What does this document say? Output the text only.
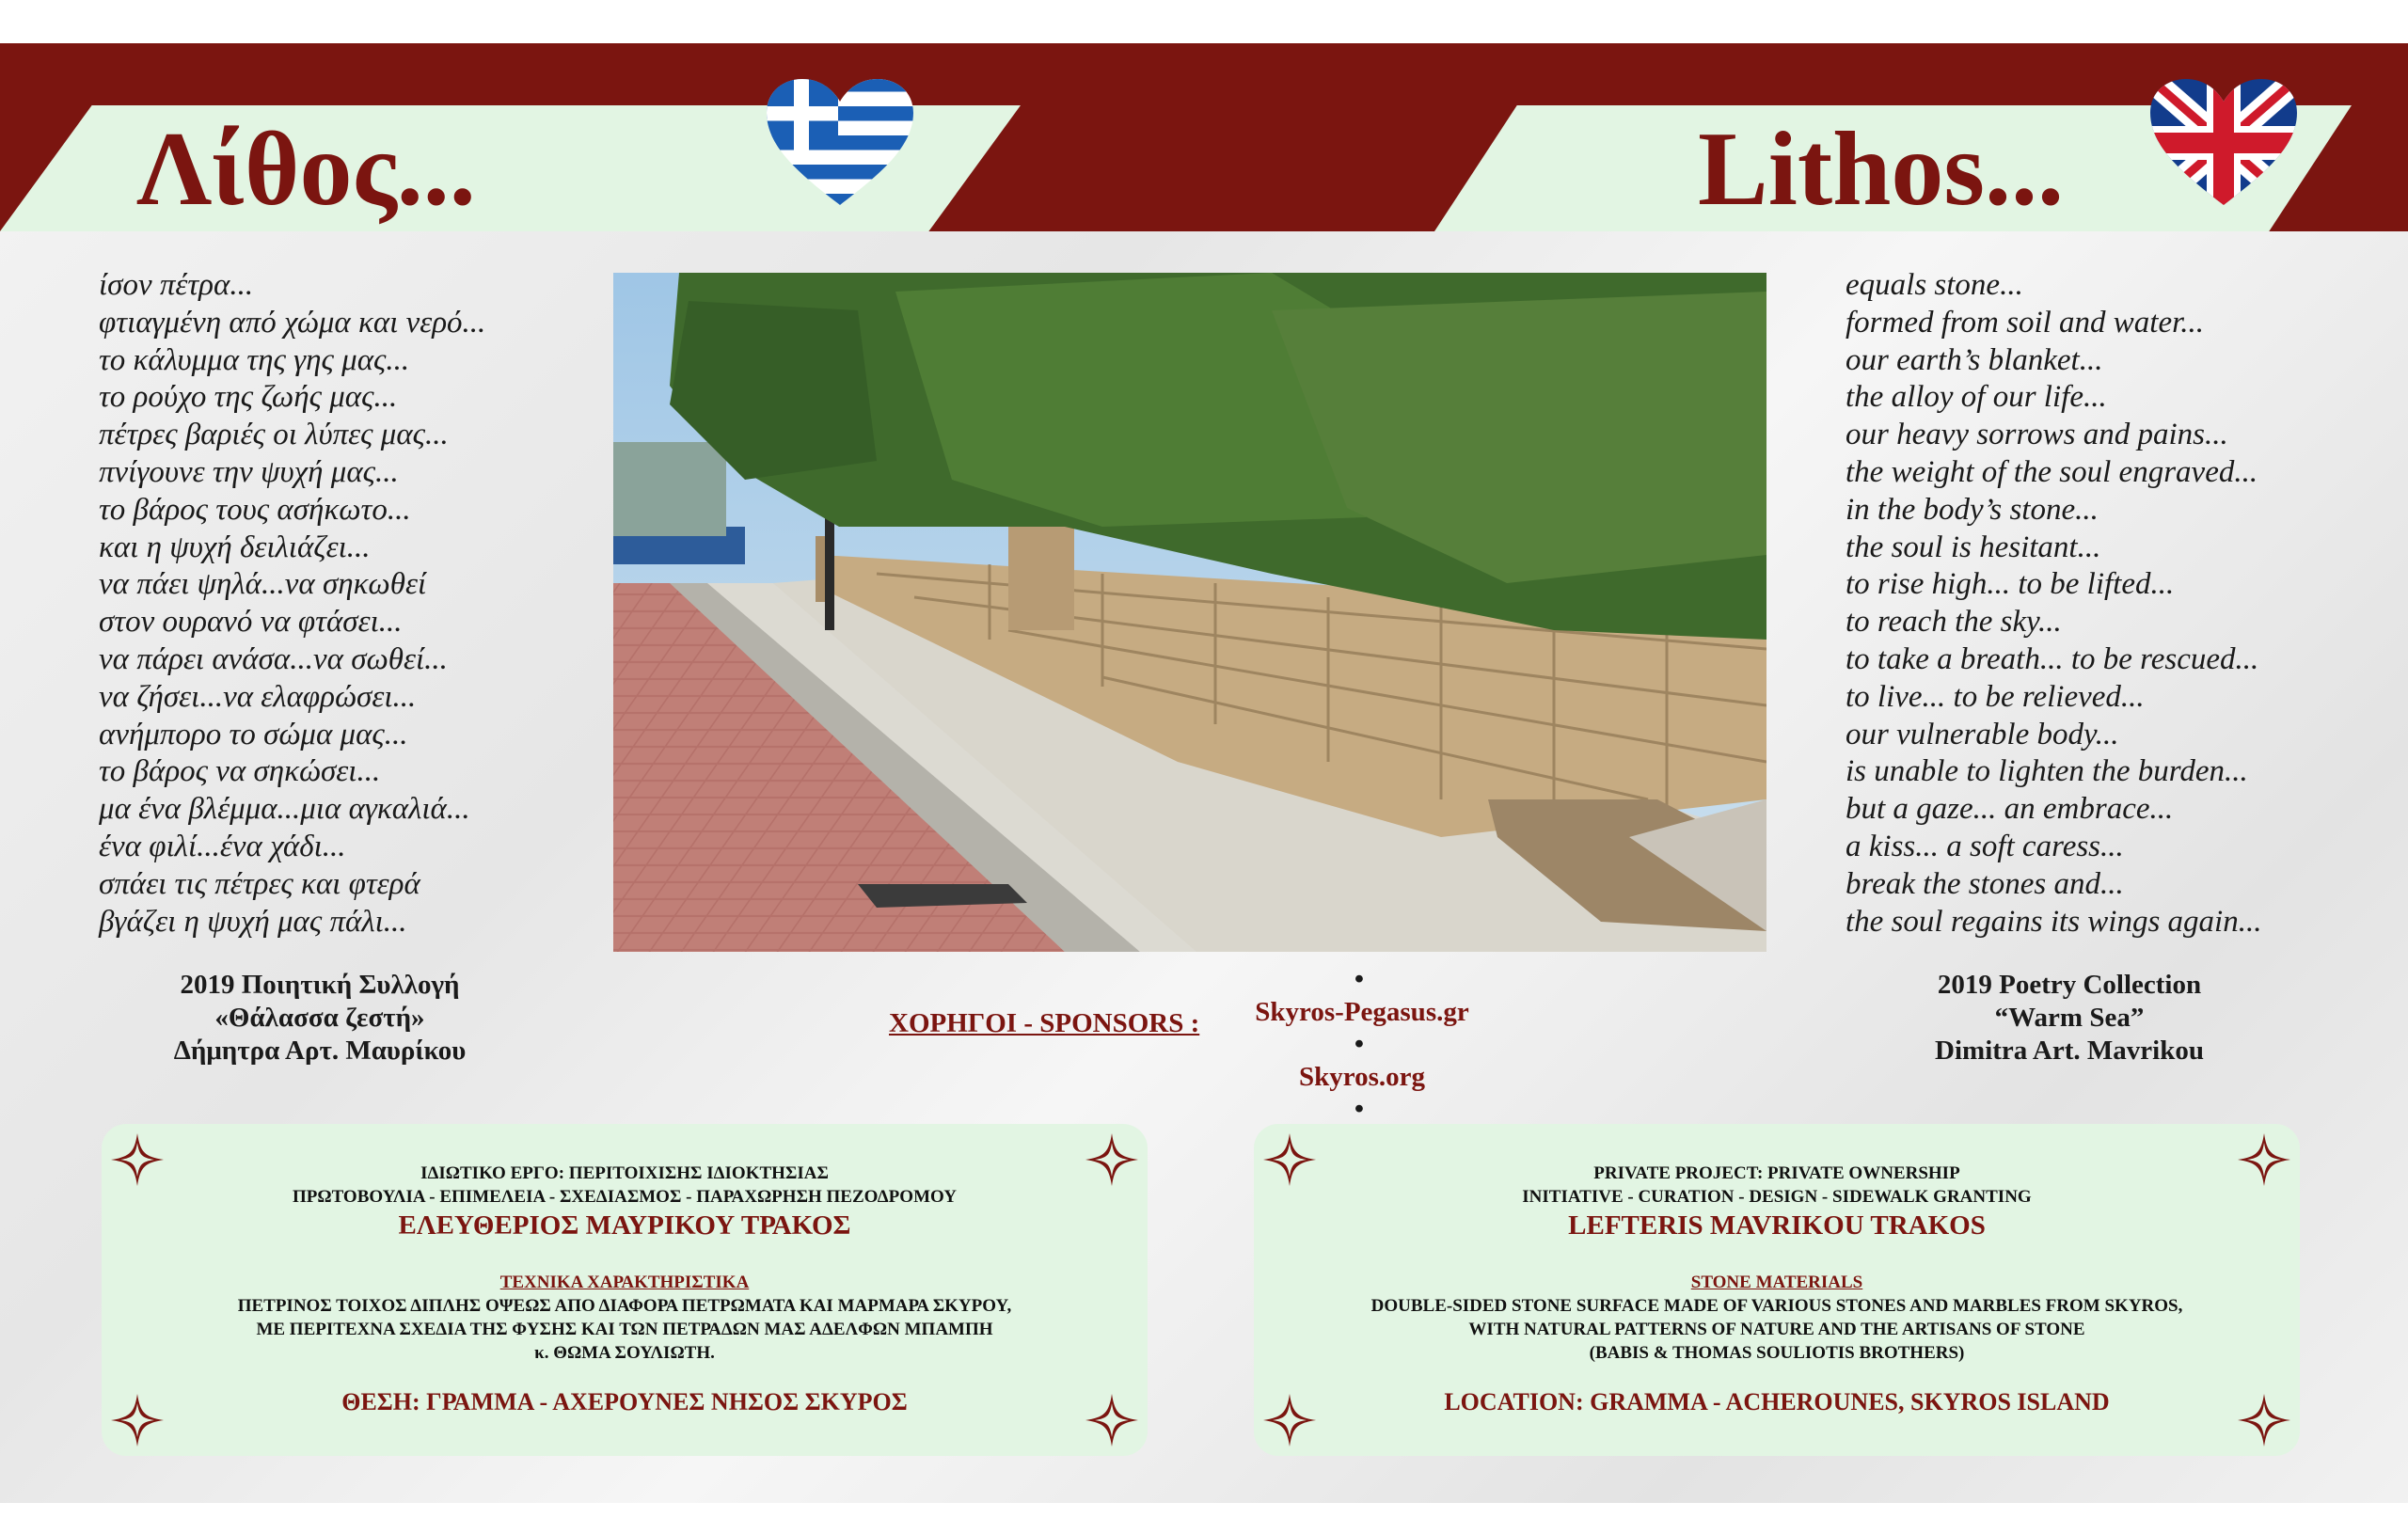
Λίθος...	Lithos...
ίσον πέτρα...
φτιαγμένη από χώμα και νερό...
το κάλυμμα της γης μας...
το ρούχο της ζωής μας...
πέτρες βαριές οι λύπες μας...
πνίγουνε την ψυχή μας...
το βάρος τους ασήκωτο...
και η ψυχή δειλιάζει...
να πάει ψηλά...να σηκωθεί
στον ουρανό να φτάσει...
να πάρει ανάσα...να σωθεί...
να ζήσει...να ελαφρώσει...
ανήμπορο το σώμα μας...
το βάρος να σηκώσει...
μα ένα βλέμμα...μια αγκαλιά...
ένα φιλί...ένα χάδι...
σπάει τις πέτρες και φτερά
βγάζει η ψυχή μας πάλι...
equals stone...
formed from soil and water...
our earth’s blanket...
the alloy of our life...
our heavy sorrows and pains...
the weight of the soul engraved...
in the body’s stone...
the soul is hesitant...
to rise high... to be lifted...
to reach the sky...
to take a breath... to be rescued...
to live... to be relieved...
our vulnerable body...
is unable to lighten the burden...
but a gaze... an embrace...
a kiss... a soft caress...
break the stones and...
the soul regains its wings again...
2019 Ποιητική Συλλογή
«Θάλασσα ζεστή»
Δήμητρα Αρτ. Μαυρίκου
2019 Poetry Collection
“Warm Sea”
Dimitra Art. Mavrikou
ΧΟΡΗΓΟΙ - SPONSORS :
•
Skyros-Pegasus.gr
•
Skyros.org
•
ΙΔΙΩΤΙΚΟ ΕΡΓΟ: ΠΕΡΙΤΟΙΧΙΣΗΣ ΙΔΙΟΚΤΗΣΙΑΣ
ΠΡΩΤΟΒΟΥΛΙΑ - ΕΠΙΜΕΛΕΙΑ - ΣΧΕΔΙΑΣΜΟΣ - ΠΑΡΑΧΩΡΗΣΗ ΠΕΖΟΔΡΟΜΟΥ
ΕΛΕΥΘΕΡΙΟΣ ΜΑΥΡΙΚΟΥ ΤΡΑΚΟΣ
ΤΕΧΝΙΚΑ ΧΑΡΑΚΤΗΡΙΣΤΙΚΑ
ΠΕΤΡΙΝΟΣ ΤΟΙΧΟΣ ΔΙΠΛΗΣ ΟΨΕΩΣ ΑΠΟ ΔΙΑΦΟΡΑ ΠΕΤΡΩΜΑΤΑ ΚΑΙ ΜΑΡΜΑΡΑ ΣΚΥΡΟΥ,
ΜΕ ΠΕΡΙΤΕΧΝΑ ΣΧΕΔΙΑ ΤΗΣ ΦΥΣΗΣ ΚΑΙ ΤΩΝ ΠΕΤΡΑΔΩΝ ΜΑΣ ΑΔΕΛΦΩΝ ΜΠΑΜΠΗ
κ. ΘΩΜΑ ΣΟΥΛΙΩΤΗ.
ΘΕΣΗ: ΓΡΑΜΜΑ - ΑΧΕΡΟΥΝΕΣ ΝΗΣΟΣ ΣΚΥΡΟΣ
PRIVATE PROJECT: PRIVATE OWNERSHIP
INITIATIVE - CURATION - DESIGN - SIDEWALK GRANTING
LEFTERIS MAVRIKOU TRAKOS
STONE MATERIALS
DOUBLE-SIDED STONE SURFACE MADE OF VARIOUS STONES AND MARBLES FROM SKYROS,
WITH NATURAL PATTERNS OF NATURE AND THE ARTISANS OF STONE
(BABIS & THOMAS SOULIOTIS BROTHERS)
LOCATION: GRAMMA - ACHEROUNES, SKYROS ISLAND
